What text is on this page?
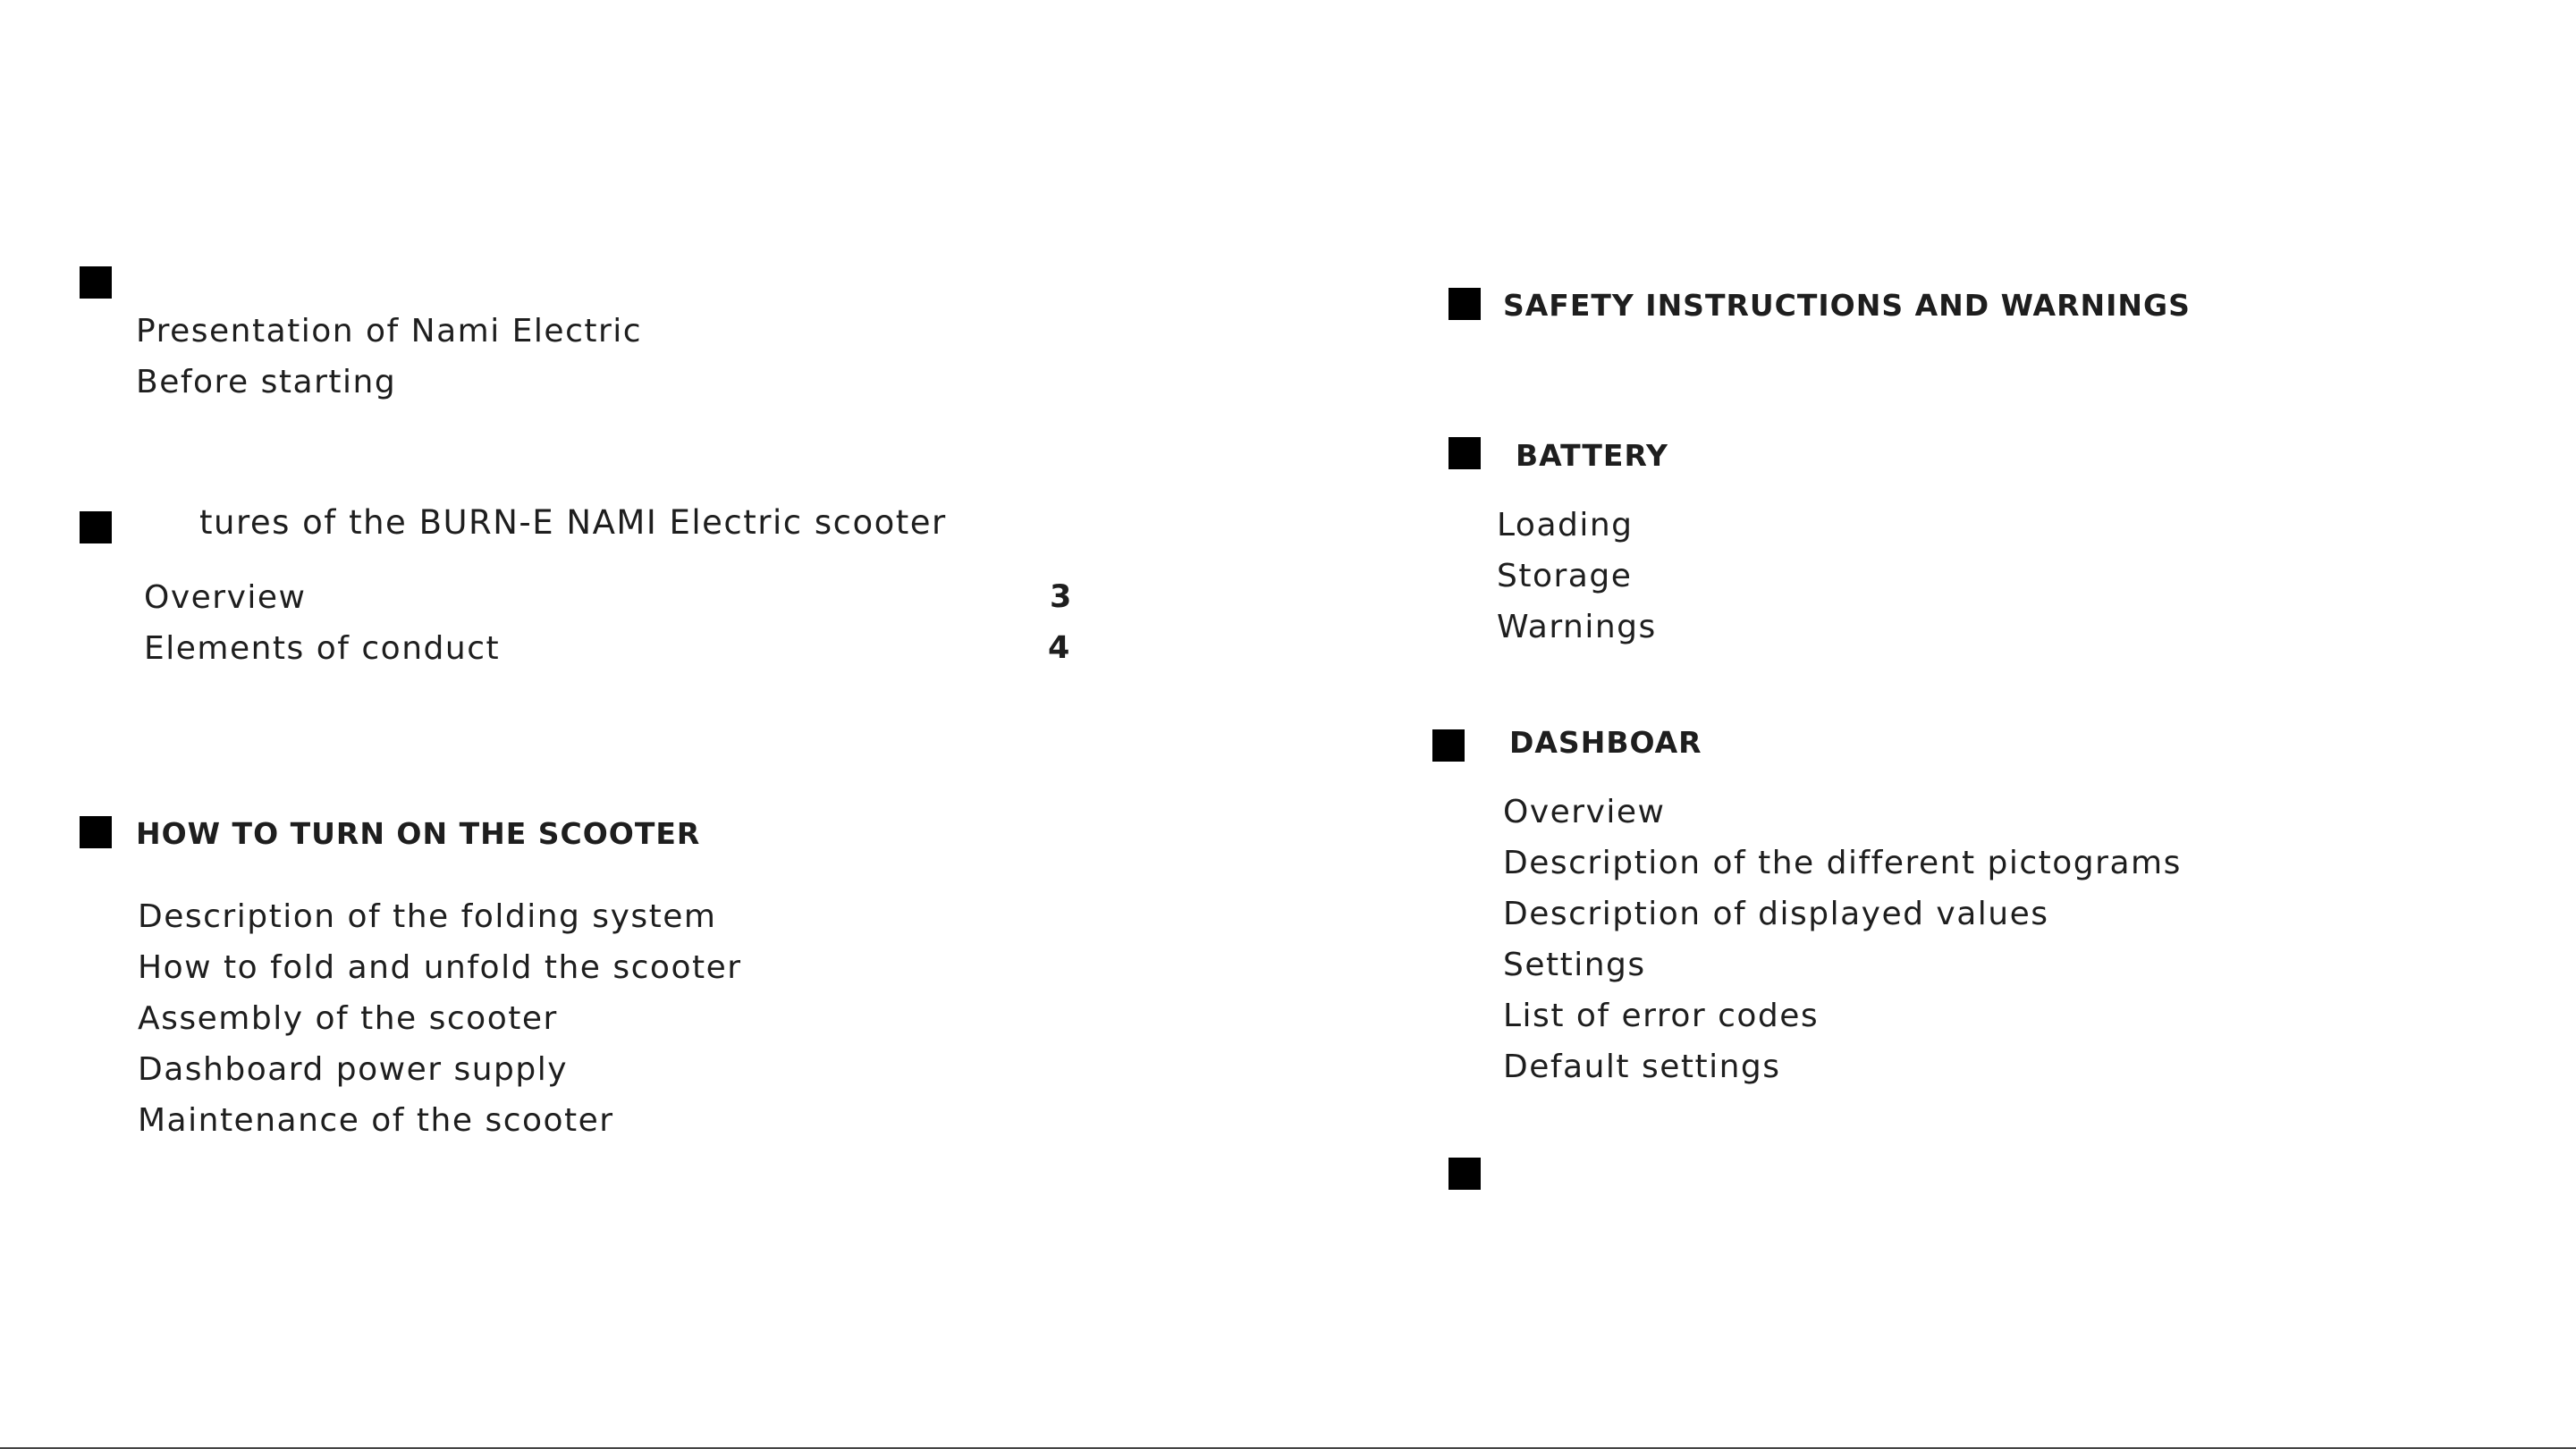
Presentation of Nami Electric
Before starting
tures of the BURN-E NAMI Electric scooter
Overview	3
Elements of conduct	4
HOW TO TURN ON THE SCOOTER
Description of the folding system
How to fold and unfold the scooter
Assembly of the scooter
Dashboard power supply
Maintenance of the scooter
SAFETY INSTRUCTIONS AND WARNINGS
BATTERY
Loading
Storage
Warnings
DASHBOAR
Overview
Description of the different pictograms
Description of displayed values
Settings
List of error codes
Default settings
